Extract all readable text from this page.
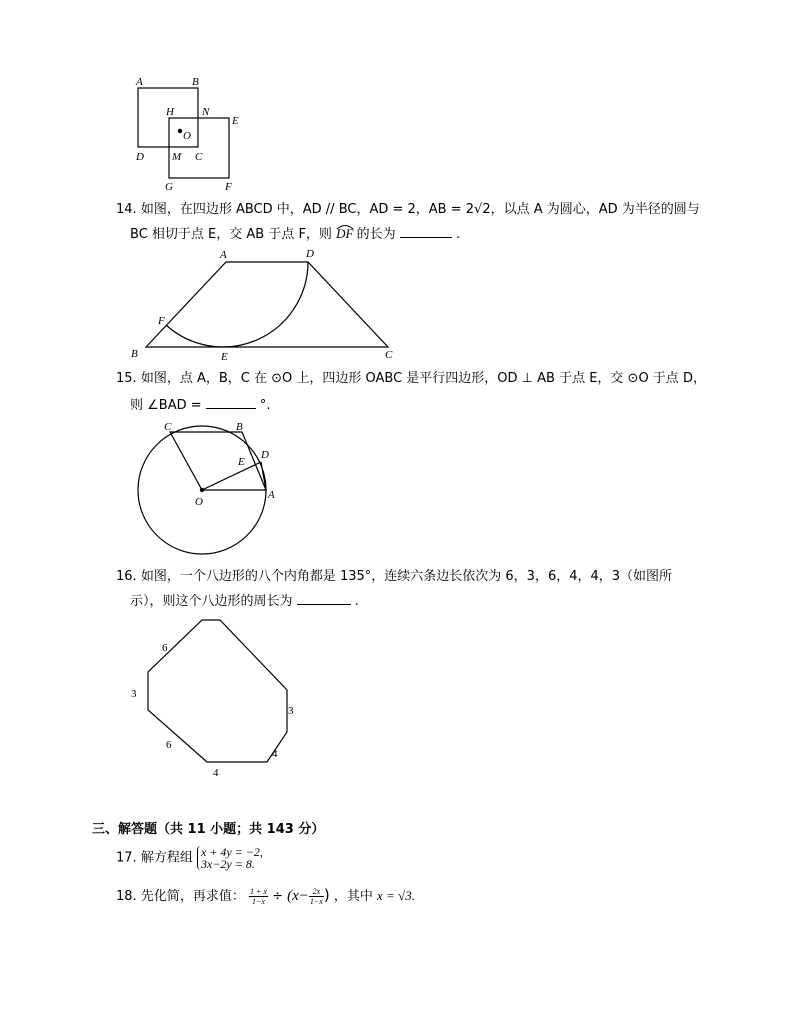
A	B
H	N
E
O
D	M C
G	F
14. 如图，在四边形 ABCD 中，AD // BC，AD = 2，AB = 2√2，以点 A 为圆心，AD 为半径的圆与
BC 相切于点 E，交 AB 于点 F，则 DF 的长为	.
A	D
F
B	E	C
15. 如图，点 A，B，C 在 ⊙O 上，四边形 OABC 是平行四边形，OD ⊥ AB 于点 E，交 ⊙O 于点 D，
则 ∠BAD =	°.
C	B
E
D
O
A
16. 如图，一个八边形的八个内角都是 135°，连续六条边长依次为 6，3，6，4，4，3（如图所
示），则这个八边形的周长为	.
6
3
3
4
6
4
三、解答题（共 11 小题；共 143 分）
17. 解方程组 x + 4y = −2,
3x−2y = 8.
18. 先化简，再求值： $\frac{1 + x}{1-x} \div (x- \frac{2x}{1-x}$ ) ，其中 x = √3.
